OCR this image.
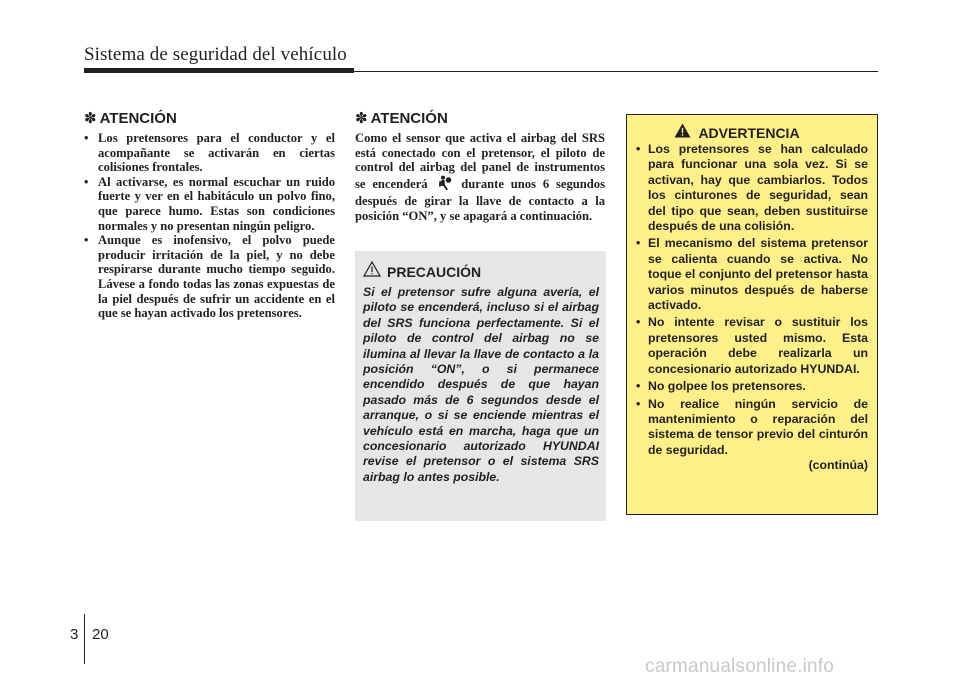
Sistema de seguridad del vehículo
✽ ATENCIÓN
• Los pretensores para el conductor y el acompañante se activarán en ciertas colisiones frontales.
• Al activarse, es normal escuchar un ruido fuerte y ver en el habitáculo un polvo fino, que parece humo. Estas son condiciones normales y no presentan ningún peligro.
• Aunque es inofensivo, el polvo puede producir irritación de la piel, y no debe respirarse durante mucho tiempo seguido. Lávese a fondo todas las zonas expuestas de la piel después de sufrir un accidente en el que se hayan activado los pretensores.
✽ ATENCIÓN

Como el sensor que activa el airbag del SRS está conectado con el pretensor, el piloto de control del airbag del panel de instrumentos se encenderá	durante unos 6 segundos después de girar la llave de contacto a la posición “ON”, y se apagará a continuación.

PRECAUCIÓN
Si el pretensor sufre alguna avería, el piloto se encenderá, incluso si el airbag del SRS funciona perfectamente. Si el piloto de control del airbag no se ilumina al llevar la llave de contacto a la posición “ON”, o si permanece encendido después de que hayan pasado más de 6 segundos desde el arranque, o si se enciende mientras el vehículo está en marcha, haga que un concesionario autorizado HYUNDAI revise el pretensor o el sistema SRS airbag lo antes posible.
ADVERTENCIA
• Los pretensores se han calculado para funcionar una sola vez. Si se activan, hay que cambiarlos. Todos los cinturones de seguridad, sean del tipo que sean, deben sustituirse después de una colisión.
• El mecanismo del sistema pretensor se calienta cuando se activa. No toque el conjunto del pretensor hasta varios minutos después de haberse activado.
• No intente revisar o sustituir los pretensores usted mismo. Esta operación debe realizarla un concesionario autorizado HYUNDAI.
• No golpee los pretensores.
• No realice ningún servicio de mantenimiento o reparación del sistema de tensor previo del cinturón de seguridad.
(continúa)
3 20
carmanualsonline.info
